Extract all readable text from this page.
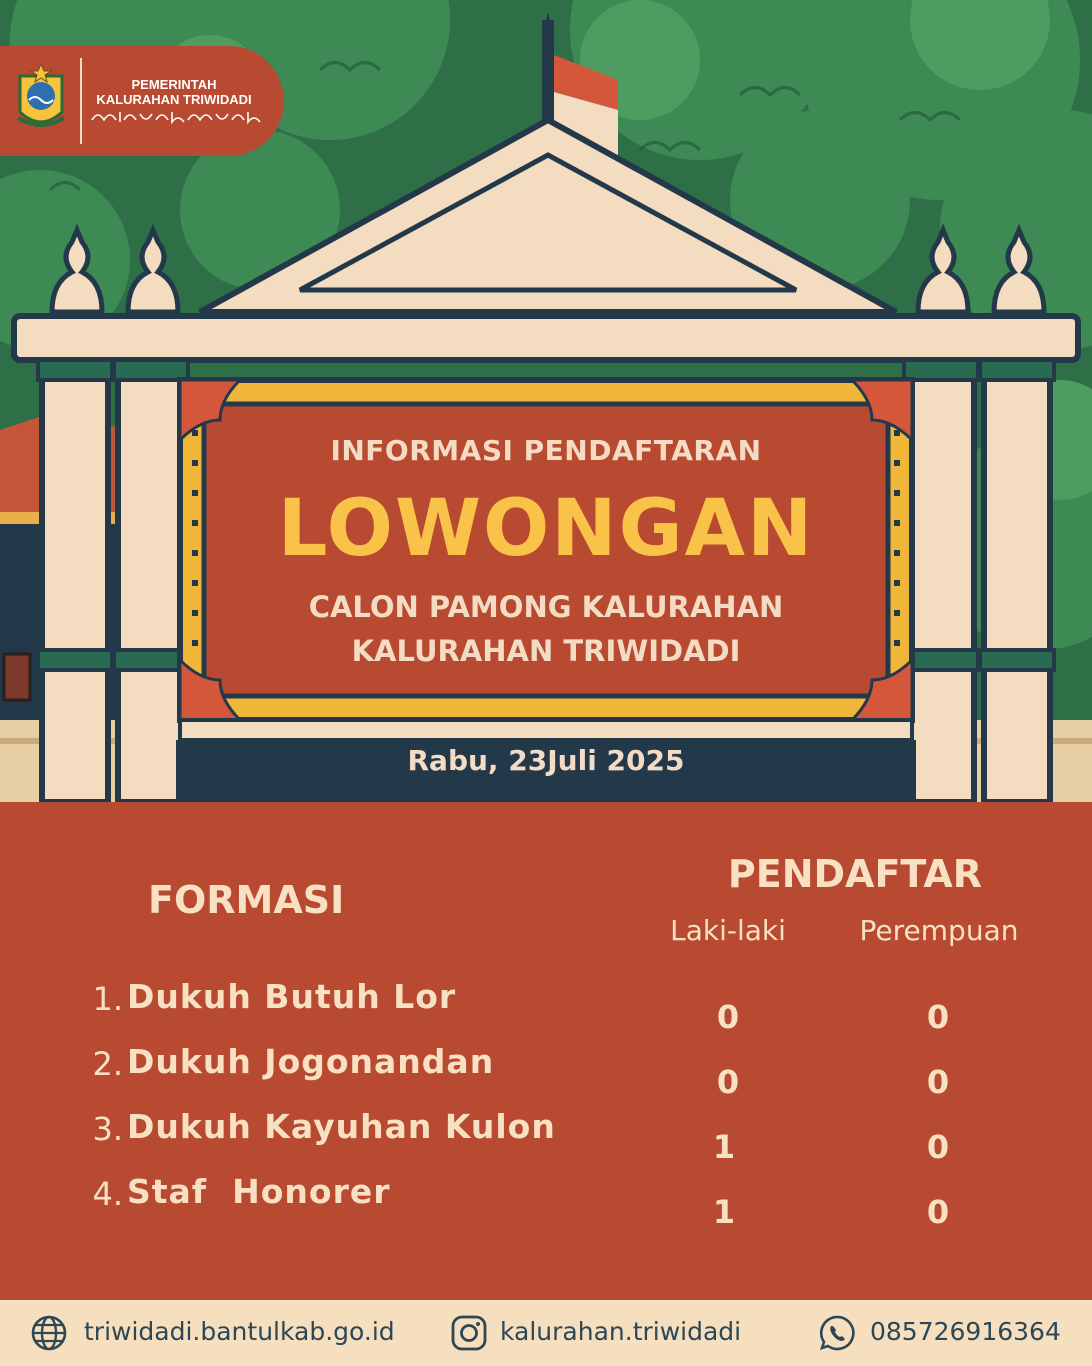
PEMERINTAH
KALURAHAN TRIWIDADI
INFORMASI PENDAFTARAN
LOWONGAN
CALON PAMONG KALURAHAN
KALURAHAN TRIWIDADI
Rabu, 23Juli 2025
FORMASI
PENDAFTAR
Laki-laki	Perempuan
1. Dukuh Butuh Lor
0	0
2. Dukuh Jogonandan
0	0
3. Dukuh Kayuhan Kulon
1	0
4. Staf  Honorer
1	0
triwidadi.bantulkab.go.id	kalurahan.triwidadi	085726916364
